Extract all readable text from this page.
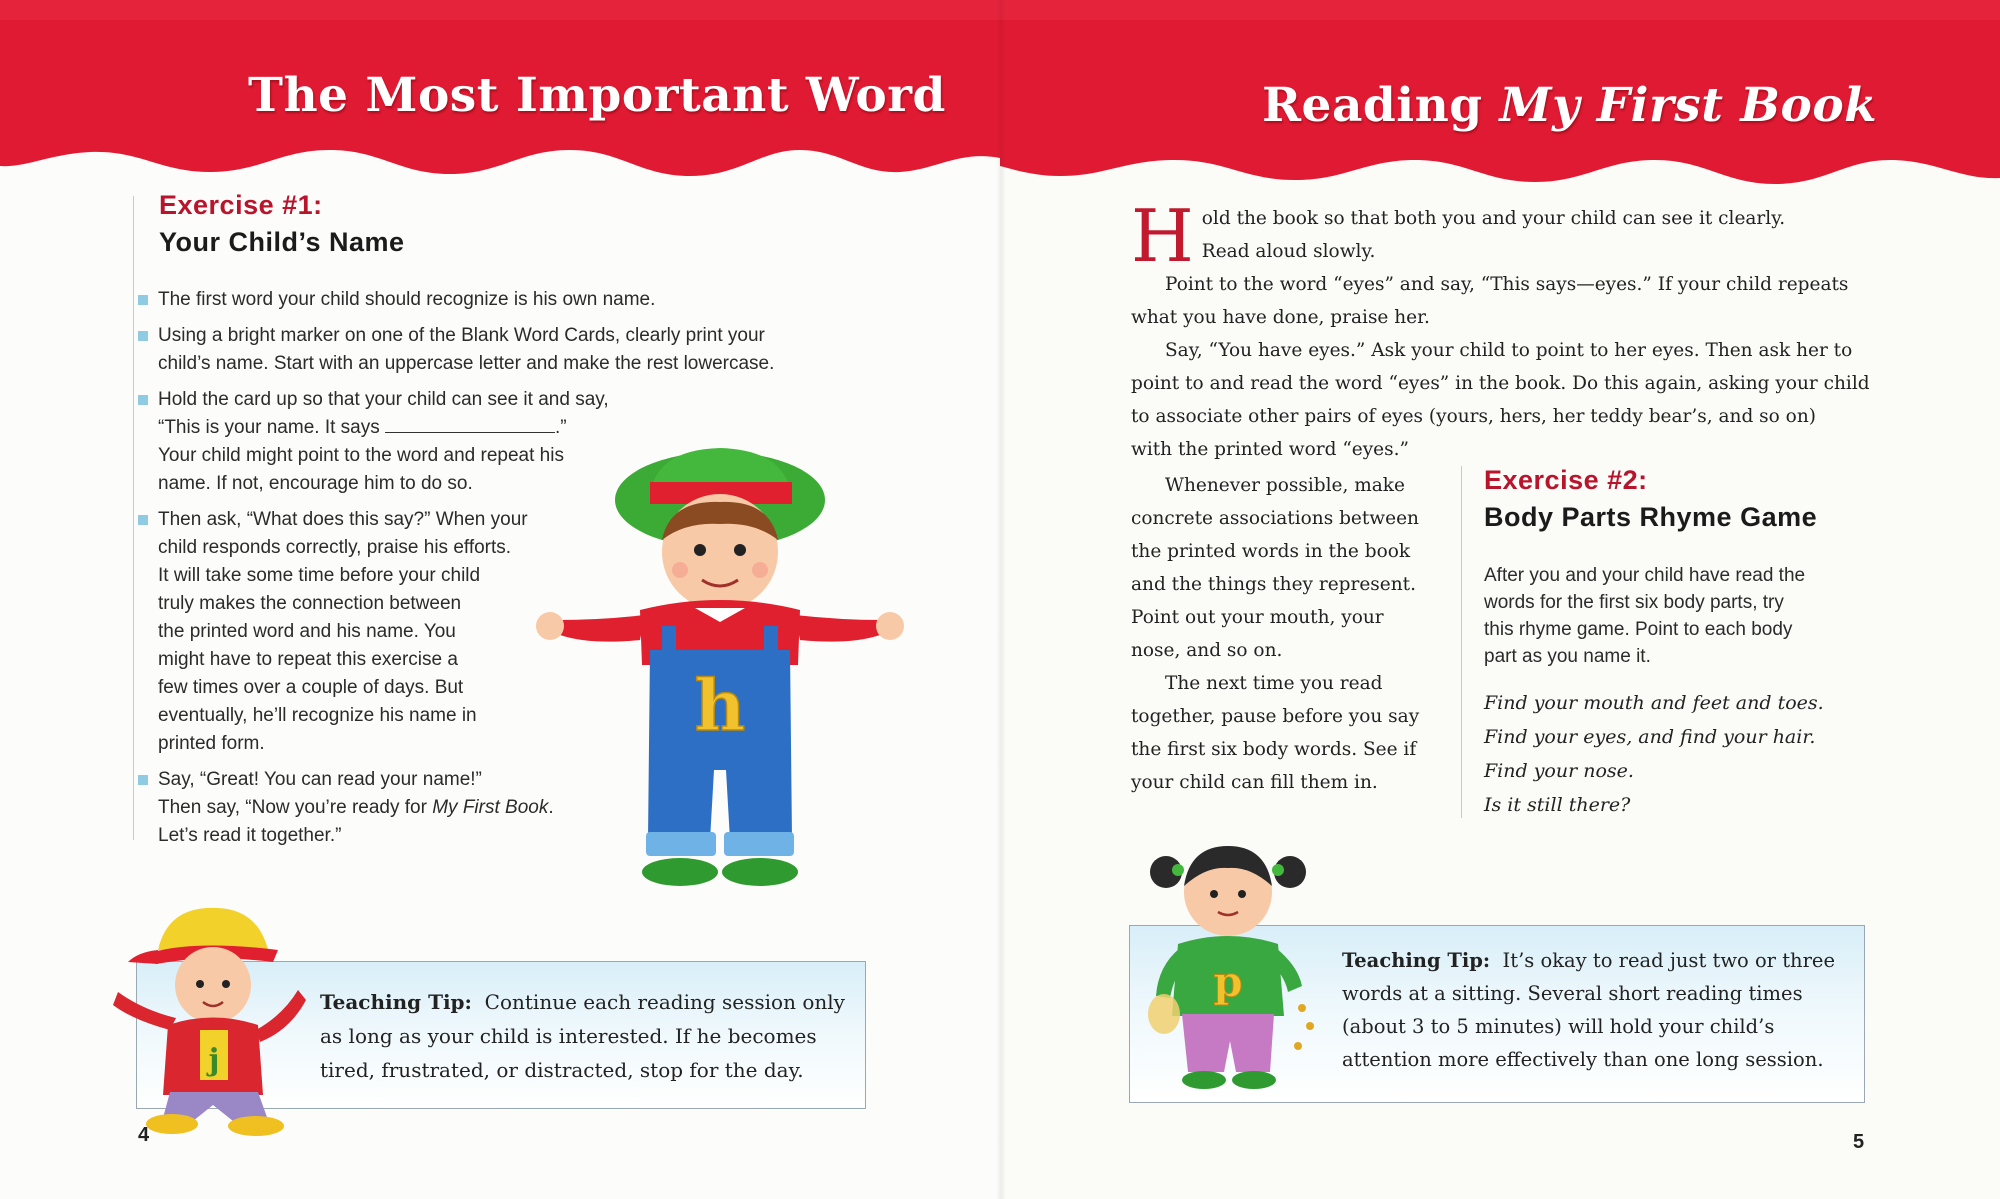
The Most Important Word
Exercise #1:
Your Child’s Name
The first word your child should recognize is his own name.
Using a bright marker on one of the Blank Word Cards, clearly print your
child’s name. Start with an uppercase letter and make the rest lowercase.
Hold the card up so that your child can see it and say,
“This is your name. It says	.”
Your child might point to the word and repeat his
name. If not, encourage him to do so.
Then ask, “What does this say?” When your
child responds correctly, praise his efforts.
It will take some time before your child
truly makes the connection between
the printed word and his name. You
might have to repeat this exercise a
few times over a couple of days. But
eventually, he’ll recognize his name in
printed form.
Say, “Great! You can read your name!”
Then say, “Now you’re ready for My First Book.
Let’s read it together.”
h
j
Teaching Tip: Continue each reading session only
as long as your child is interested. If he becomes
tired, frustrated, or distracted, stop for the day.
4
Reading My First Book

Hold the book so that both you and your child can see it clearly.
Read aloud slowly.

Point to the word “eyes” and say, “This says—eyes.” If your child repeats
what you have done, praise her.

Say, “You have eyes.” Ask your child to point to her eyes. Then ask her to
point to and read the word “eyes” in the book. Do this again, asking your child
to associate other pairs of eyes (yours, hers, her teddy bear’s, and so on)
with the printed word “eyes.”

Whenever possible, make
concrete associations between
the printed words in the book
and the things they represent.
Point out your mouth, your
nose, and so on.

The next time you read
together, pause before you say
the first six body words. See if
your child can fill them in.

Exercise #2:
Body Parts Rhyme Game
After you and your child have read the
words for the first six body parts, try
this rhyme game. Point to each body
part as you name it.
Find your mouth and feet and toes.
Find your eyes, and find your hair.
Find your nose.
Is it still there?
p	Teaching Tip: It’s okay to read just two or three
words at a sitting. Several short reading times
(about 3 to 5 minutes) will hold your child’s
attention more effectively than one long session.
5
